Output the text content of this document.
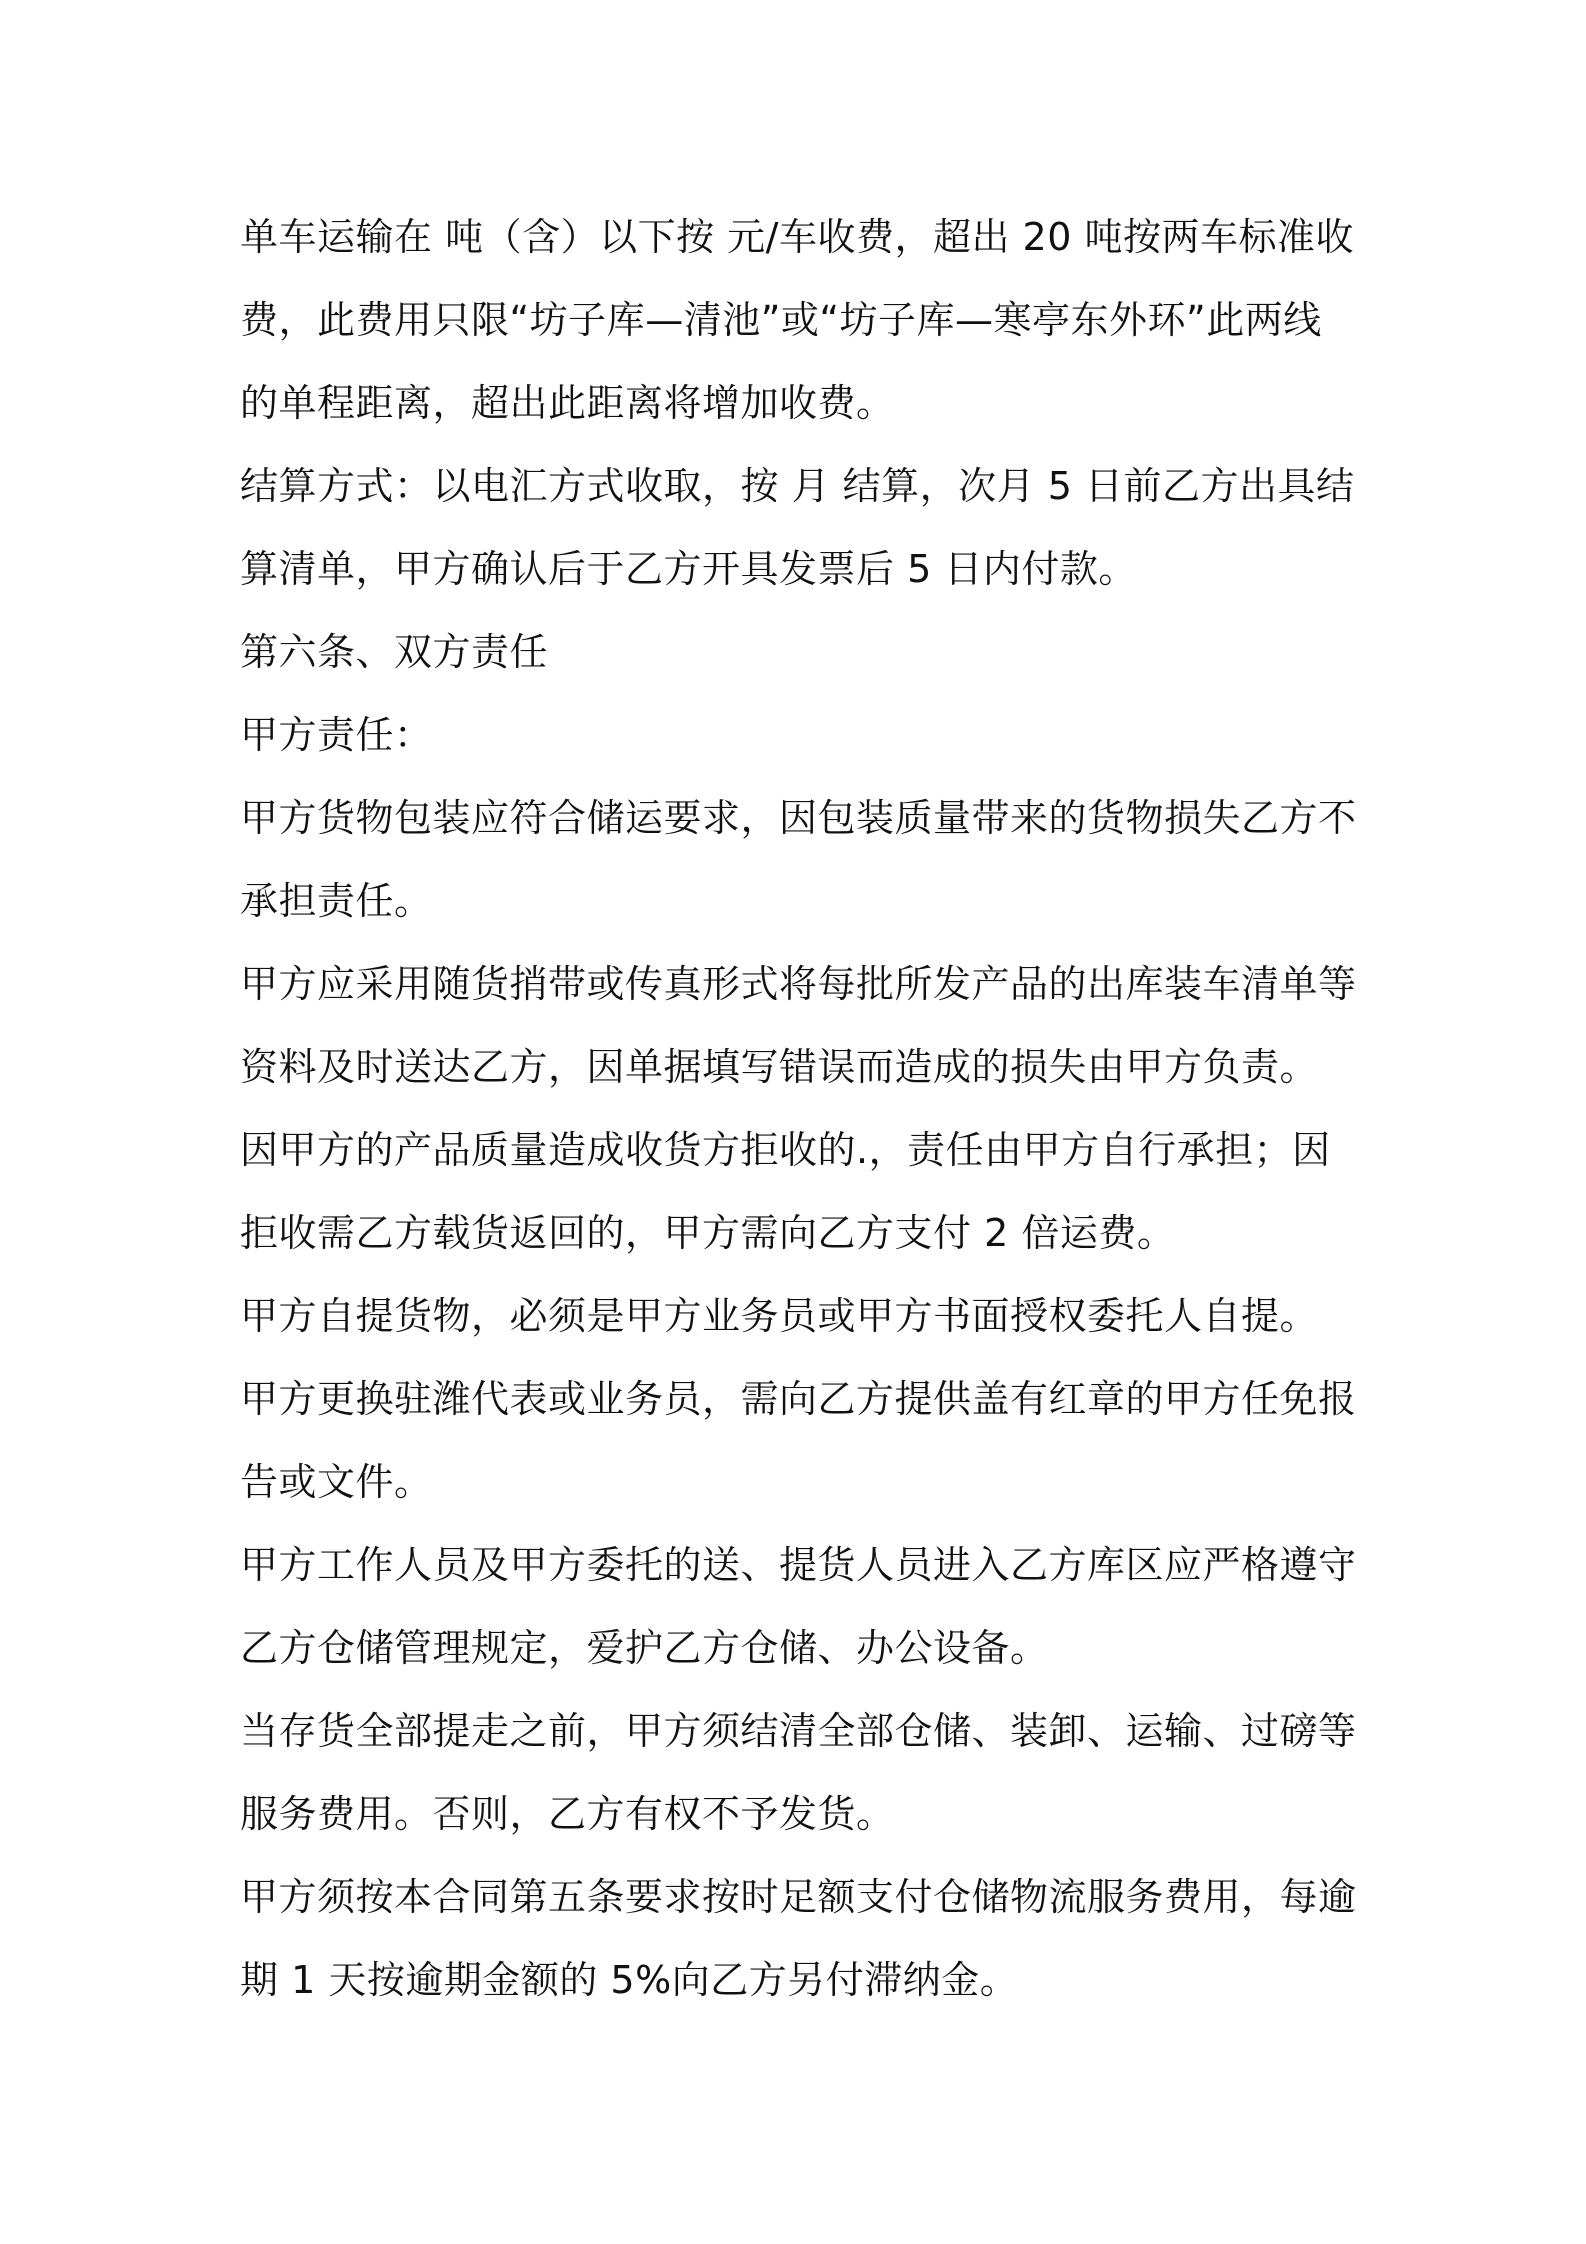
单车运输在 吨（含）以下按 元/车收费，超出 20 吨按两车标准收费，此费用只限“坊子库—清池”或“坊子库—寒亭东外环”此两线的单程距离，超出此距离将增加收费。

结算方式：以电汇方式收取，按 月 结算，次月 5 日前乙方出具结算清单，甲方确认后于乙方开具发票后 5 日内付款。

第六条、双方责任

甲方责任：

甲方货物包装应符合储运要求，因包装质量带来的货物损失乙方不承担责任。

甲方应采用随货捎带或传真形式将每批所发产品的出库装车清单等资料及时送达乙方，因单据填写错误而造成的损失由甲方负责。

因甲方的产品质量造成收货方拒收的.，责任由甲方自行承担；因拒收需乙方载货返回的，甲方需向乙方支付 2 倍运费。

甲方自提货物，必须是甲方业务员或甲方书面授权委托人自提。

甲方更换驻潍代表或业务员，需向乙方提供盖有红章的甲方任免报告或文件。

甲方工作人员及甲方委托的送、提货人员进入乙方库区应严格遵守乙方仓储管理规定，爱护乙方仓储、办公设备。

当存货全部提走之前，甲方须结清全部仓储、装卸、运输、过磅等服务费用。否则，乙方有权不予发货。

甲方须按本合同第五条要求按时足额支付仓储物流服务费用，每逾期 1 天按逾期金额的 5%向乙方另付滞纳金。
